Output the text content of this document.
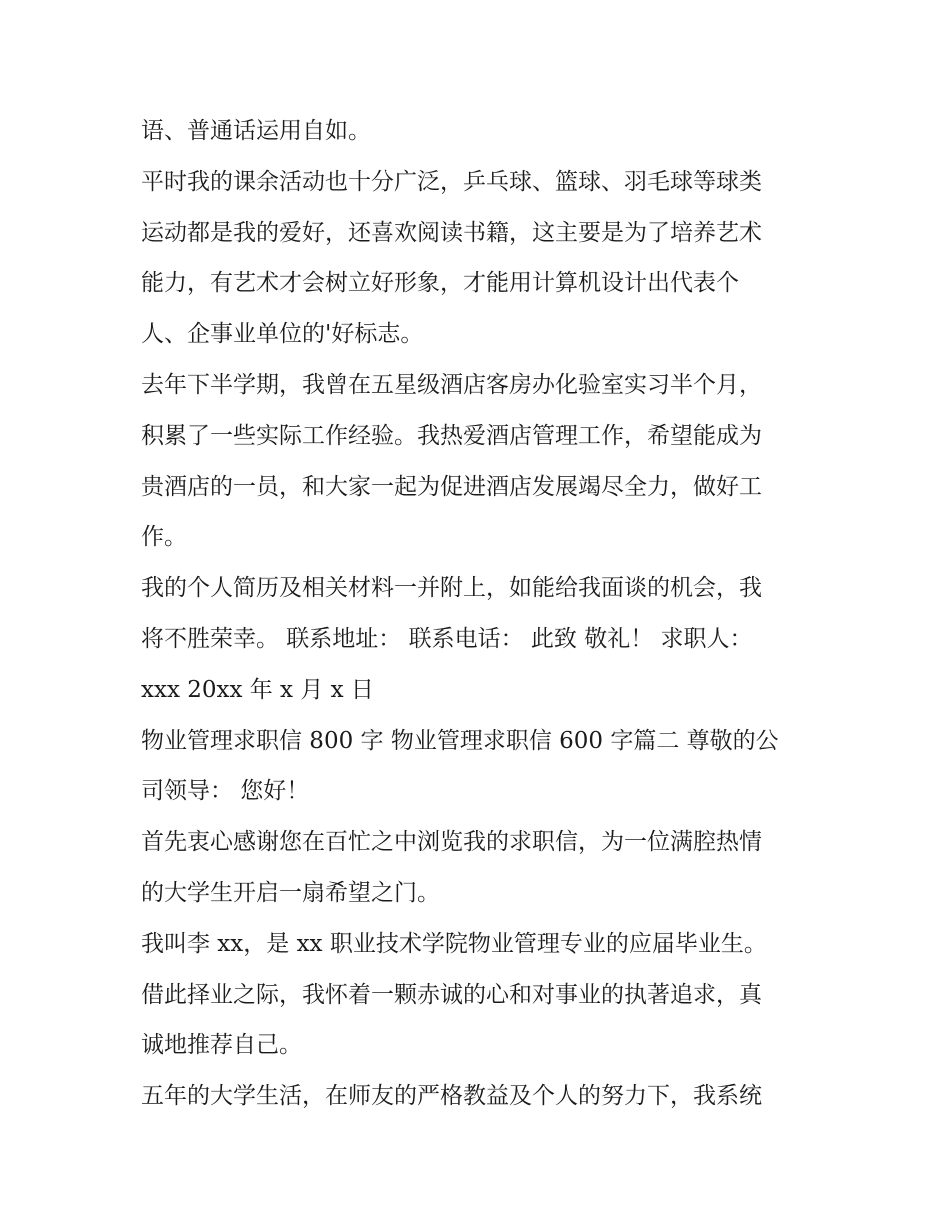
语、普通话运用自如。
平时我的课余活动也十分广泛，乒乓球、篮球、羽毛球等球类
运动都是我的爱好，还喜欢阅读书籍，这主要是为了培养艺术
能力，有艺术才会树立好形象，才能用计算机设计出代表个
人、企事业单位的'好标志。
去年下半学期，我曾在五星级酒店客房办化验室实习半个月，
积累了一些实际工作经验。我热爱酒店管理工作，希望能成为
贵酒店的一员，和大家一起为促进酒店发展竭尽全力，做好工
作。
我的个人简历及相关材料一并附上，如能给我面谈的机会，我
将不胜荣幸。 联系地址： 联系电话： 此致 敬礼！ 求职人：
xxx 20xx 年 x 月 x 日
物业管理求职信 800 字 物业管理求职信 600 字篇二 尊敬的公
司领导： 您好！
首先衷心感谢您在百忙之中浏览我的求职信，为一位满腔热情
的大学生开启一扇希望之门。
我叫李 xx，是 xx 职业技术学院物业管理专业的应届毕业生。
借此择业之际，我怀着一颗赤诚的心和对事业的执著追求，真
诚地推荐自己。
五年的大学生活，在师友的严格教益及个人的努力下，我系统
